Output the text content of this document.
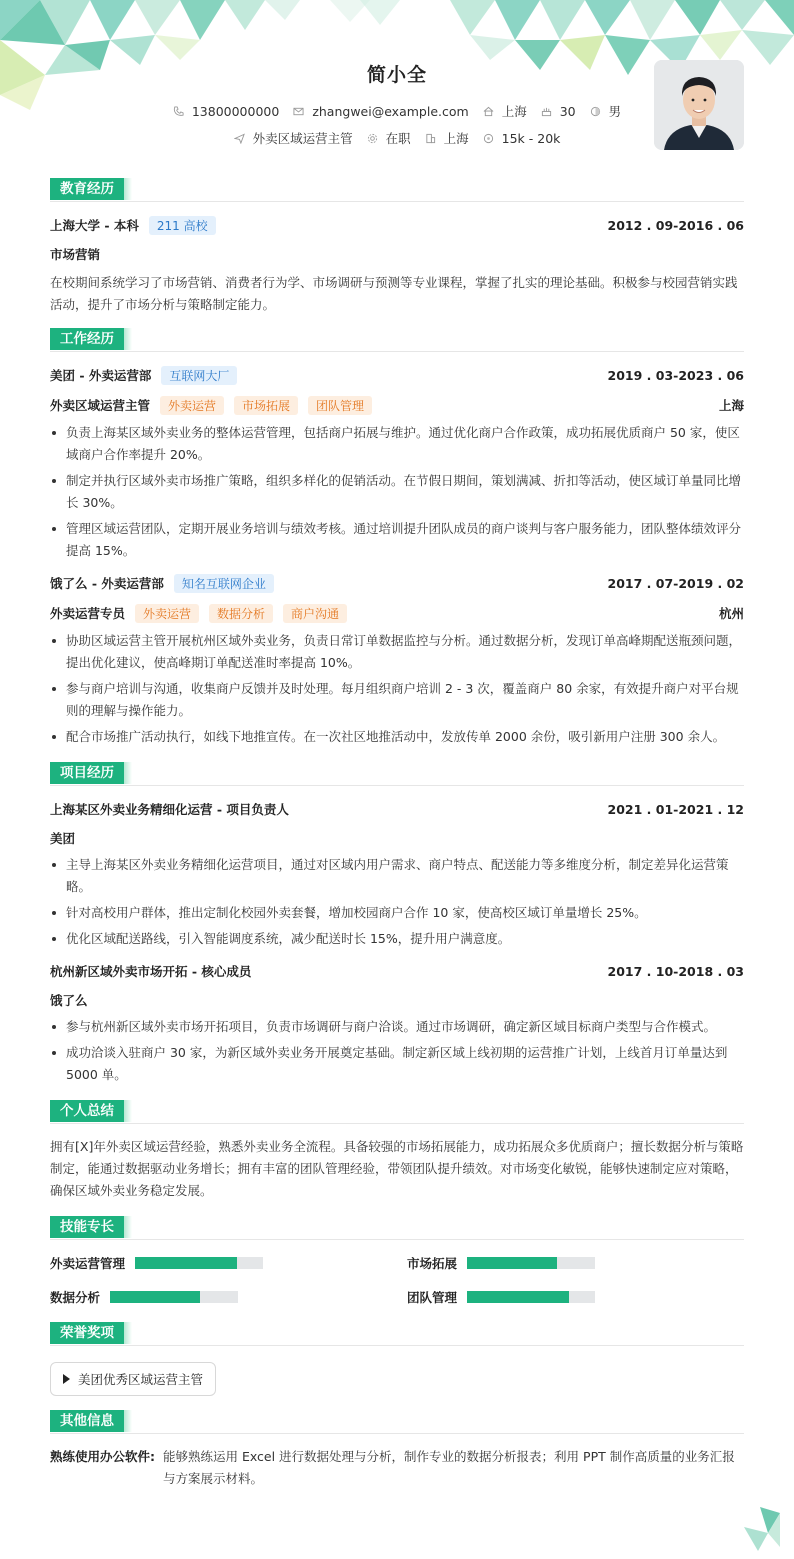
简小全
13800000000	zhangwei@example.com	上海	30	男
外卖区域运营主管	在职	上海	15k - 20k
教育经历
上海大学 - 本科	211 高校	2012 . 09-2016 . 06
市场营销
在校期间系统学习了市场营销、消费者行为学、市场调研与预测等专业课程，掌握了扎实的理论基础。积极参与校园营销实践活动，提升了市场分析与策略制定能力。
工作经历
美团 - 外卖运营部	互联网大厂	2019 . 03-2023 . 06
外卖区域运营主管	外卖运营	市场拓展	团队管理	上海
负责上海某区域外卖业务的整体运营管理，包括商户拓展与维护。通过优化商户合作政策，成功拓展优质商户 50 家，使区域商户合作率提升 20%。
制定并执行区域外卖市场推广策略，组织多样化的促销活动。在节假日期间，策划满减、折扣等活动，使区域订单量同比增长 30%。
管理区域运营团队，定期开展业务培训与绩效考核。通过培训提升团队成员的商户谈判与客户服务能力，团队整体绩效评分提高 15%。
饿了么 - 外卖运营部	知名互联网企业	2017 . 07-2019 . 02
外卖运营专员	外卖运营	数据分析	商户沟通	杭州
协助区域运营主管开展杭州区域外卖业务，负责日常订单数据监控与分析。通过数据分析，发现订单高峰期配送瓶颈问题，提出优化建议，使高峰期订单配送准时率提高 10%。
参与商户培训与沟通，收集商户反馈并及时处理。每月组织商户培训 2 - 3 次，覆盖商户 80 余家，有效提升商户对平台规则的理解与操作能力。
配合市场推广活动执行，如线下地推宣传。在一次社区地推活动中，发放传单 2000 余份，吸引新用户注册 300 余人。
项目经历
上海某区外卖业务精细化运营 - 项目负责人	2021 . 01-2021 . 12
美团
主导上海某区外卖业务精细化运营项目，通过对区域内用户需求、商户特点、配送能力等多维度分析，制定差异化运营策略。
针对高校用户群体，推出定制化校园外卖套餐，增加校园商户合作 10 家，使高校区域订单量增长 25%。
优化区域配送路线，引入智能调度系统，减少配送时长 15%，提升用户满意度。
杭州新区域外卖市场开拓 - 核心成员	2017 . 10-2018 . 03
饿了么
参与杭州新区域外卖市场开拓项目，负责市场调研与商户洽谈。通过市场调研，确定新区域目标商户类型与合作模式。
成功洽谈入驻商户 30 家，为新区域外卖业务开展奠定基础。制定新区域上线初期的运营推广计划，上线首月订单量达到 5000 单。
个人总结
拥有[X]年外卖区域运营经验，熟悉外卖业务全流程。具备较强的市场拓展能力，成功拓展众多优质商户；擅长数据分析与策略制定，能通过数据驱动业务增长；拥有丰富的团队管理经验，带领团队提升绩效。对市场变化敏锐，能够快速制定应对策略，确保区域外卖业务稳定发展。
技能专长
外卖运营管理	市场拓展
数据分析	团队管理
荣誉奖项
美团优秀区域运营主管
其他信息
熟练使用办公软件: 能够熟练运用 Excel 进行数据处理与分析，制作专业的数据分析报表；利用 PPT 制作高质量的业务汇报与方案展示材料。
